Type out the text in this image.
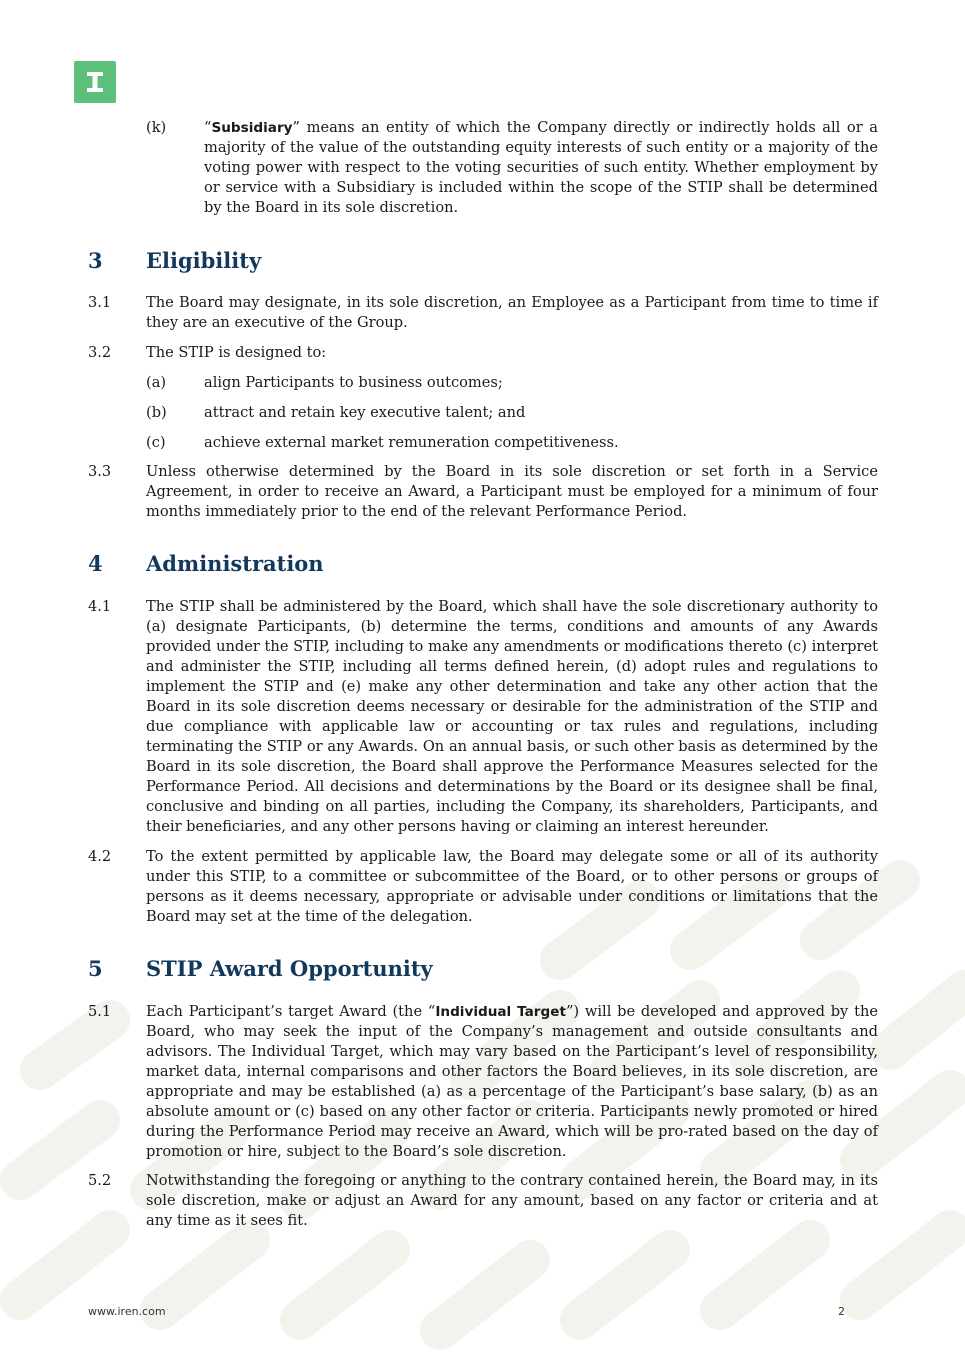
(k)	“Subsidiary” means an entity of which the Company directly or indirectly holds all or a majority of the value of the outstanding equity interests of such entity or a majority of the voting power with respect to the voting securities of such entity. Whether employment by or service with a Subsidiary is included within the scope of the STIP shall be determined by the Board in its sole discretion.

3 Eligibility
3.1 The Board may designate, in its sole discretion, an Employee as a Participant from time to time if they are an executive of the Group.

3.2 The STIP is designed to:

(a)	align Participants to business outcomes;

(b)	attract and retain key executive talent; and

(c)	achieve external market remuneration competitiveness.

3.3 Unless otherwise determined by the Board in its sole discretion or set forth in a Service Agreement, in order to receive an Award, a Participant must be employed for a minimum of four months immediately prior to the end of the relevant Performance Period.

4 Administration
4.1 The STIP shall be administered by the Board, which shall have the sole discretionary authority to (a) designate Participants, (b) determine the terms, conditions and amounts of any Awards provided under the STIP, including to make any amendments or modifications thereto (c) interpret and administer the STIP, including all terms defined herein, (d) adopt rules and regulations to implement the STIP and (e) make any other determination and take any other action that the Board in its sole discretion deems necessary or desirable for the administration of the STIP and due compliance with applicable law or accounting or tax rules and regulations, including terminating the STIP or any Awards. On an annual basis, or such other basis as determined by the Board in its sole discretion, the Board shall approve the Performance Measures selected for the Performance Period. All decisions and determinations by the Board or its designee shall be final, conclusive and binding on all parties, including the Company, its shareholders, Participants, and their beneficiaries, and any other persons having or claiming an interest hereunder.

4.2 To the extent permitted by applicable law, the Board may delegate some or all of its authority under this STIP, to a committee or subcommittee of the Board, or to other persons or groups of persons as it deems necessary, appropriate or advisable under conditions or limitations that the Board may set at the time of the delegation.

5 STIP Award Opportunity
5.1 Each Participant’s target Award (the “Individual Target”) will be developed and approved by the Board, who may seek the input of the Company’s management and outside consultants and advisors. The Individual Target, which may vary based on the Participant’s level of responsibility, market data, internal comparisons and other factors the Board believes, in its sole discretion, are appropriate and may be established (a) as a percentage of the Participant’s base salary, (b) as an absolute amount or (c) based on any other factor or criteria. Participants newly promoted or hired during the Performance Period may receive an Award, which will be pro-rated based on the day of promotion or hire, subject to the Board’s sole discretion.

5.2 Notwithstanding the foregoing or anything to the contrary contained herein, the Board may, in its sole discretion, make or adjust an Award for any amount, based on any factor or criteria and at any time as it sees fit.

www.iren.com	2
